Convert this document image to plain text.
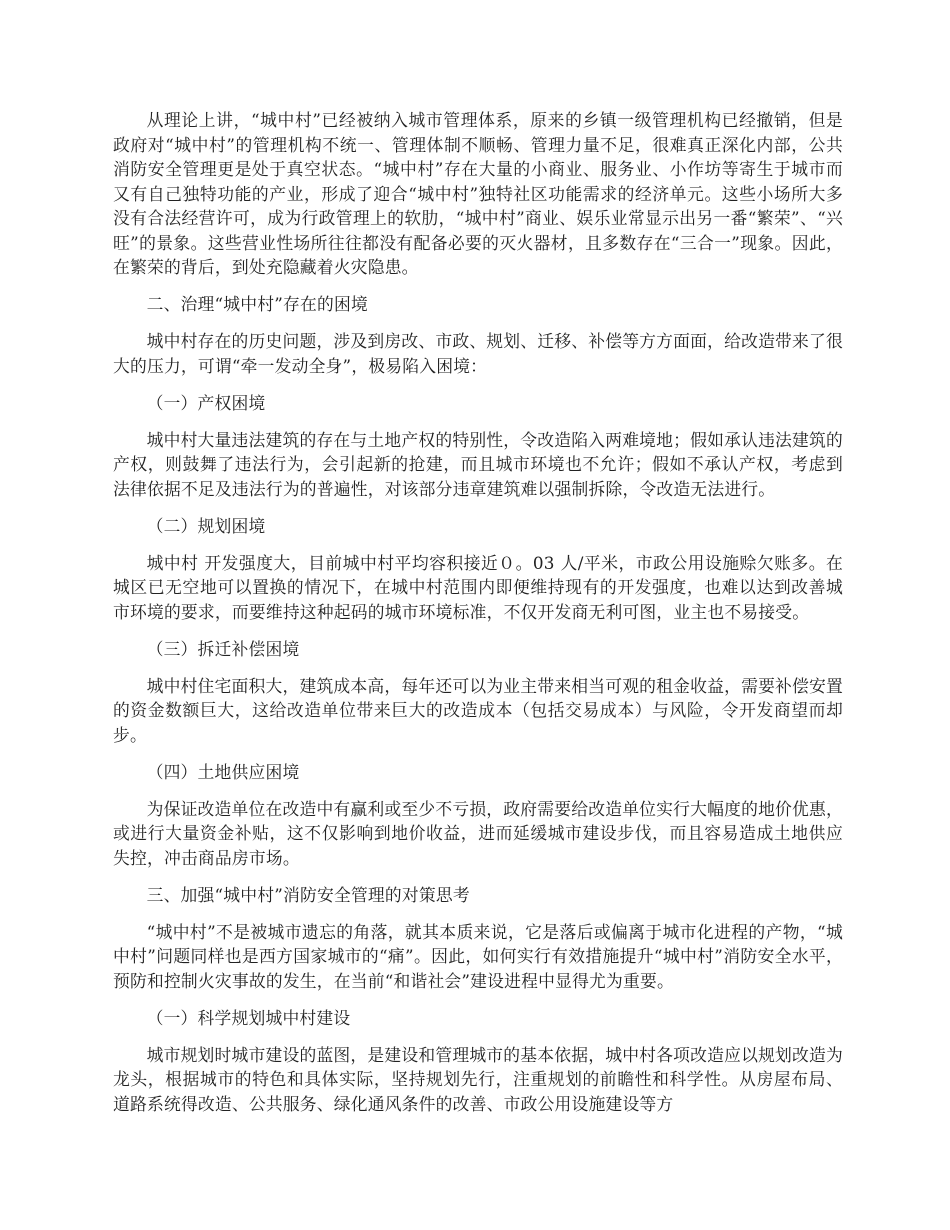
从理论上讲，“城中村”已经被纳入城市管理体系，原来的乡镇一级管理机构已经撤销，但是政府对“城中村”的管理机构不统一、管理体制不顺畅、管理力量不足，很难真正深化内部，公共消防安全管理更是处于真空状态。“城中村”存在大量的小商业、服务业、小作坊等寄生于城市而又有自己独特功能的产业，形成了迎合“城中村”独特社区功能需求的经济单元。这些小场所大多没有合法经营许可，成为行政管理上的软肋，“城中村”商业、娱乐业常显示出另一番“繁荣”、“兴旺”的景象。这些营业性场所往往都没有配备必要的灭火器材，且多数存在“三合一”现象。因此，在繁荣的背后，到处充隐藏着火灾隐患。

二、治理“城中村”存在的困境

城中村存在的历史问题，涉及到房改、市政、规划、迁移、补偿等方方面面，给改造带来了很大的压力，可谓“牵一发动全身”，极易陷入困境：

（一）产权困境

城中村大量违法建筑的存在与土地产权的特别性，令改造陷入两难境地；假如承认违法建筑的产权，则鼓舞了违法行为，会引起新的抢建，而且城市环境也不允许；假如不承认产权，考虑到法律依据不足及违法行为的普遍性，对该部分违章建筑难以强制拆除，令改造无法进行。

（二）规划困境

城中村 开发强度大，目前城中村平均容积接近０。03 人/平米，市政公用设施赊欠账多。在城区已无空地可以置换的情况下，在城中村范围内即便维持现有的开发强度，也难以达到改善城市环境的要求，而要维持这种起码的城市环境标准，不仅开发商无利可图，业主也不易接受。

（三）拆迁补偿困境

城中村住宅面积大，建筑成本高，每年还可以为业主带来相当可观的租金收益，需要补偿安置的资金数额巨大，这给改造单位带来巨大的改造成本（包括交易成本）与风险，令开发商望而却步。

（四）土地供应困境

为保证改造单位在改造中有赢利或至少不亏损，政府需要给改造单位实行大幅度的地价优惠，或进行大量资金补贴，这不仅影响到地价收益，进而延缓城市建设步伐，而且容易造成土地供应失控，冲击商品房市场。

三、加强“城中村”消防安全管理的对策思考

“城中村”不是被城市遗忘的角落，就其本质来说，它是落后或偏离于城市化进程的产物，“城中村”问题同样也是西方国家城市的“痛”。因此，如何实行有效措施提升“城中村”消防安全水平，预防和控制火灾事故的发生，在当前“和谐社会”建设进程中显得尤为重要。

（一）科学规划城中村建设

城市规划时城市建设的蓝图，是建设和管理城市的基本依据，城中村各项改造应以规划改造为龙头，根据城市的特色和具体实际，坚持规划先行，注重规划的前瞻性和科学性。从房屋布局、道路系统得改造、公共服务、绿化通风条件的改善、市政公用设施建设等方
